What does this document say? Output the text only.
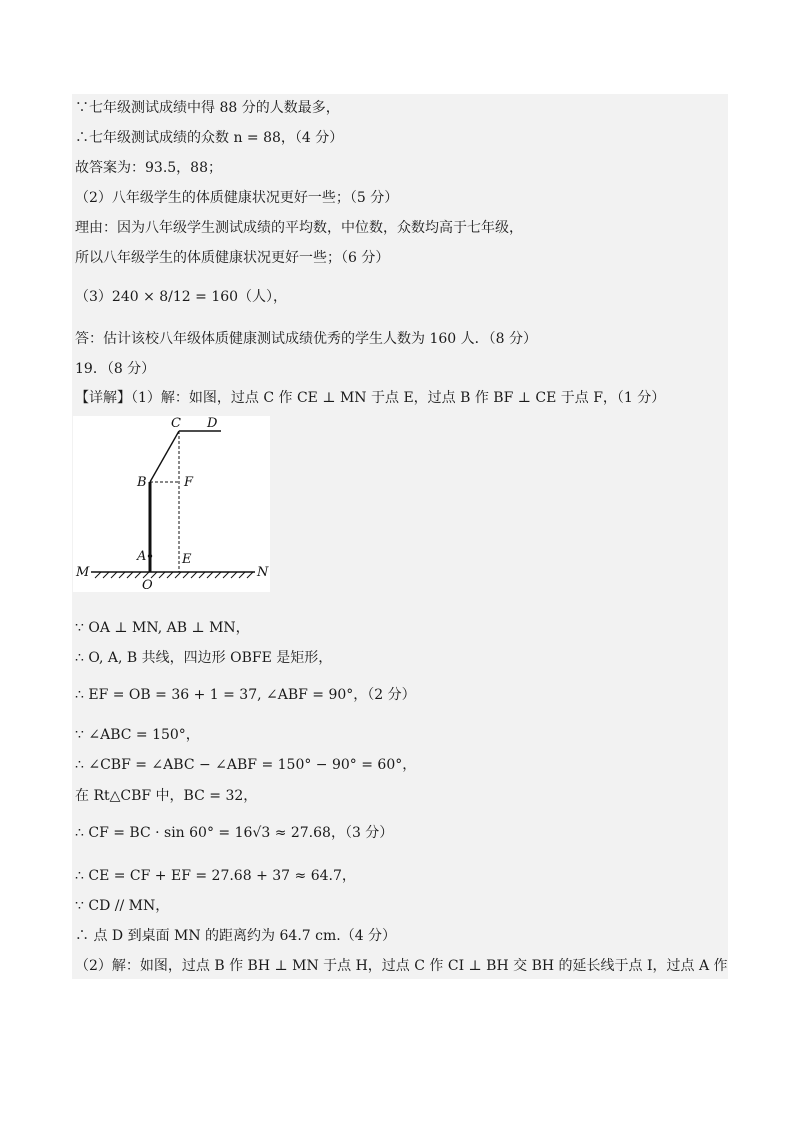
∵七年级测试成绩中得 88 分的人数最多，
∴七年级测试成绩的众数 n = 88，（4 分）
故答案为：93.5，88；
（2）八年级学生的体质健康状况更好一些；（5 分）
理由：因为八年级学生测试成绩的平均数，中位数，众数均高于七年级，
所以八年级学生的体质健康状况更好一些；（6 分）
（3）240 × 8/12 = 160（人），
答：估计该校八年级体质健康测试成绩优秀的学生人数为 160 人．（8 分）
19．（8 分）
【详解】（1）解：如图，过点 C 作 CE ⊥ MN 于点 E，过点 B 作 BF ⊥ CE 于点 F，（1 分）
C D
B	F
A	E
M	N
O
∵ OA ⊥ MN, AB ⊥ MN，
∴ O, A, B 共线，四边形 OBFE 是矩形，
∴ EF = OB = 36 + 1 = 37, ∠ABF = 90°，（2 分）
∵ ∠ABC = 150°，
∴ ∠CBF = ∠ABC − ∠ABF = 150° − 90° = 60°，
在 Rt△CBF 中，BC = 32，
∴ CF = BC · sin 60° = 16√3 ≈ 27.68，（3 分）
∴ CE = CF + EF = 27.68 + 37 ≈ 64.7，
∵ CD // MN，
∴ 点 D 到桌面 MN 的距离约为 64.7 cm.（4 分）
（2）解：如图，过点 B 作 BH ⊥ MN 于点 H，过点 C 作 CI ⊥ BH 交 BH 的延长线于点 I，过点 A 作
